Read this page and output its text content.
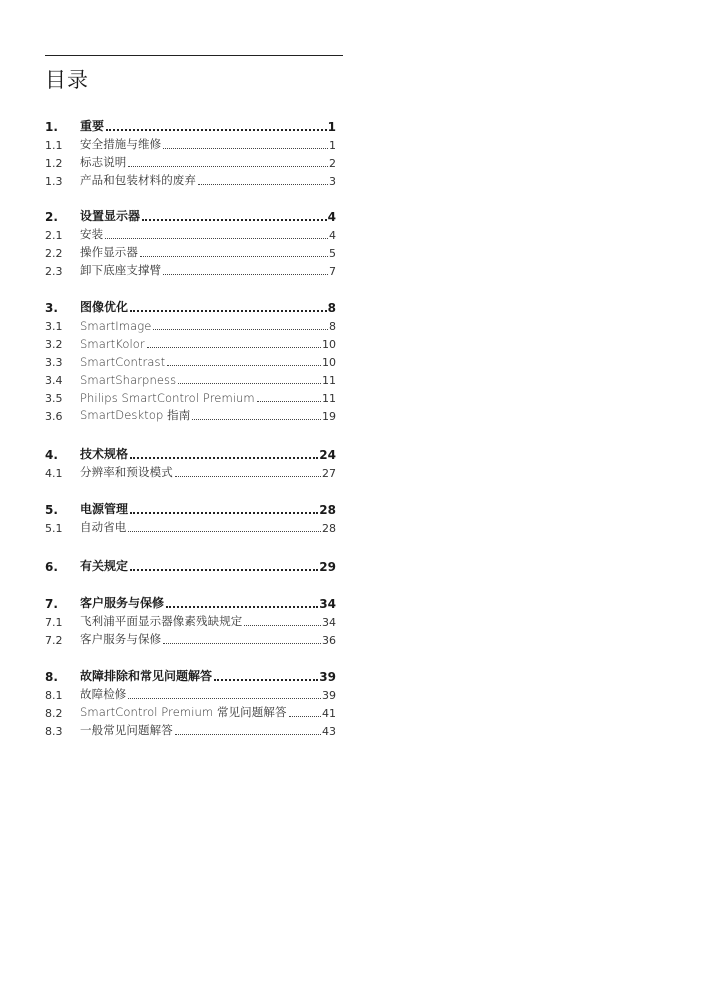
目录
1.	重要	1
1.1	安全措施与维修	1
1.2	标志说明	2
1.3	产品和包装材料的废弃	3
2.	设置显示器	4
2.1	安装	4
2.2	操作显示器	5
2.3	卸下底座支撑臂	7
3.	图像优化	8
3.1	SmartImage	8
3.2	SmartKolor	10
3.3	SmartContrast	10
3.4	SmartSharpness	11
3.5	Philips SmartControl Premium	11
3.6	SmartDesktop 指南	19
4.	技术规格	24
4.1	分辨率和预设模式	27
5.	电源管理	28
5.1	自动省电	28
6.	有关规定	29
7.	客户服务与保修	34
7.1	飞利浦平面显示器像素残缺规定	34
7.2	客户服务与保修	36
8.	故障排除和常见问题解答	39
8.1	故障检修	39
8.2	SmartControl Premium 常见问题解答	41
8.3	一般常见问题解答	43
